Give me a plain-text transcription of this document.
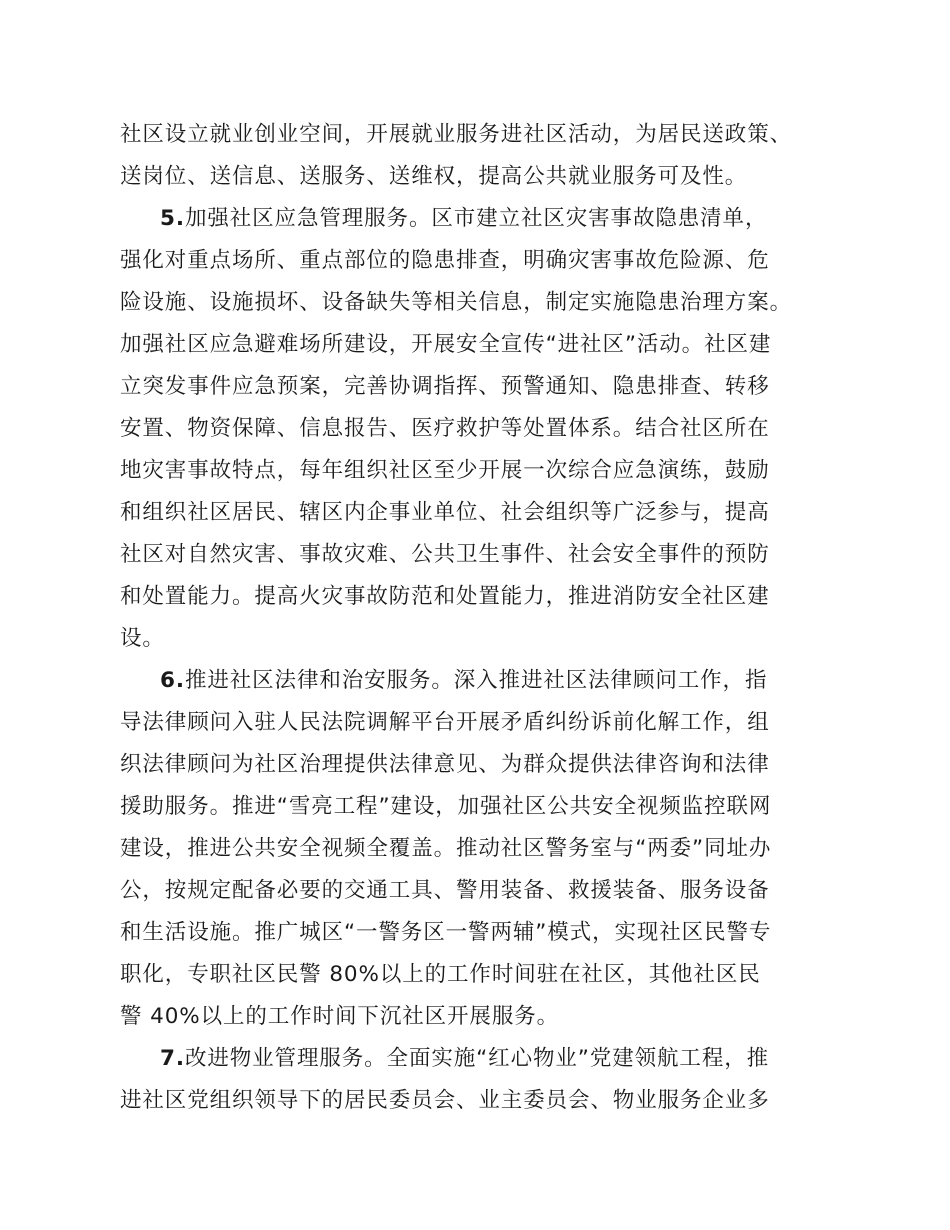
社区设立就业创业空间，开展就业服务进社区活动，为居民送政策、
送岗位、送信息、送服务、送维权，提高公共就业服务可及性。
5.加强社区应急管理服务。区市建立社区灾害事故隐患清单，
强化对重点场所、重点部位的隐患排查，明确灾害事故危险源、危
险设施、设施损坏、设备缺失等相关信息，制定实施隐患治理方案。
加强社区应急避难场所建设，开展安全宣传“进社区”活动。社区建
立突发事件应急预案，完善协调指挥、预警通知、隐患排查、转移
安置、物资保障、信息报告、医疗救护等处置体系。结合社区所在
地灾害事故特点，每年组织社区至少开展一次综合应急演练，鼓励
和组织社区居民、辖区内企事业单位、社会组织等广泛参与，提高
社区对自然灾害、事故灾难、公共卫生事件、社会安全事件的预防
和处置能力。提高火灾事故防范和处置能力，推进消防安全社区建
设。
6.推进社区法律和治安服务。深入推进社区法律顾问工作，指
导法律顾问入驻人民法院调解平台开展矛盾纠纷诉前化解工作，组
织法律顾问为社区治理提供法律意见、为群众提供法律咨询和法律
援助服务。推进“雪亮工程”建设，加强社区公共安全视频监控联网
建设，推进公共安全视频全覆盖。推动社区警务室与“两委”同址办
公，按规定配备必要的交通工具、警用装备、救援装备、服务设备
和生活设施。推广城区“一警务区一警两辅”模式，实现社区民警专
职化，专职社区民警 80%以上的工作时间驻在社区，其他社区民
警 40%以上的工作时间下沉社区开展服务。
7.改进物业管理服务。全面实施“红心物业”党建领航工程，推
进社区党组织领导下的居民委员会、业主委员会、物业服务企业多
